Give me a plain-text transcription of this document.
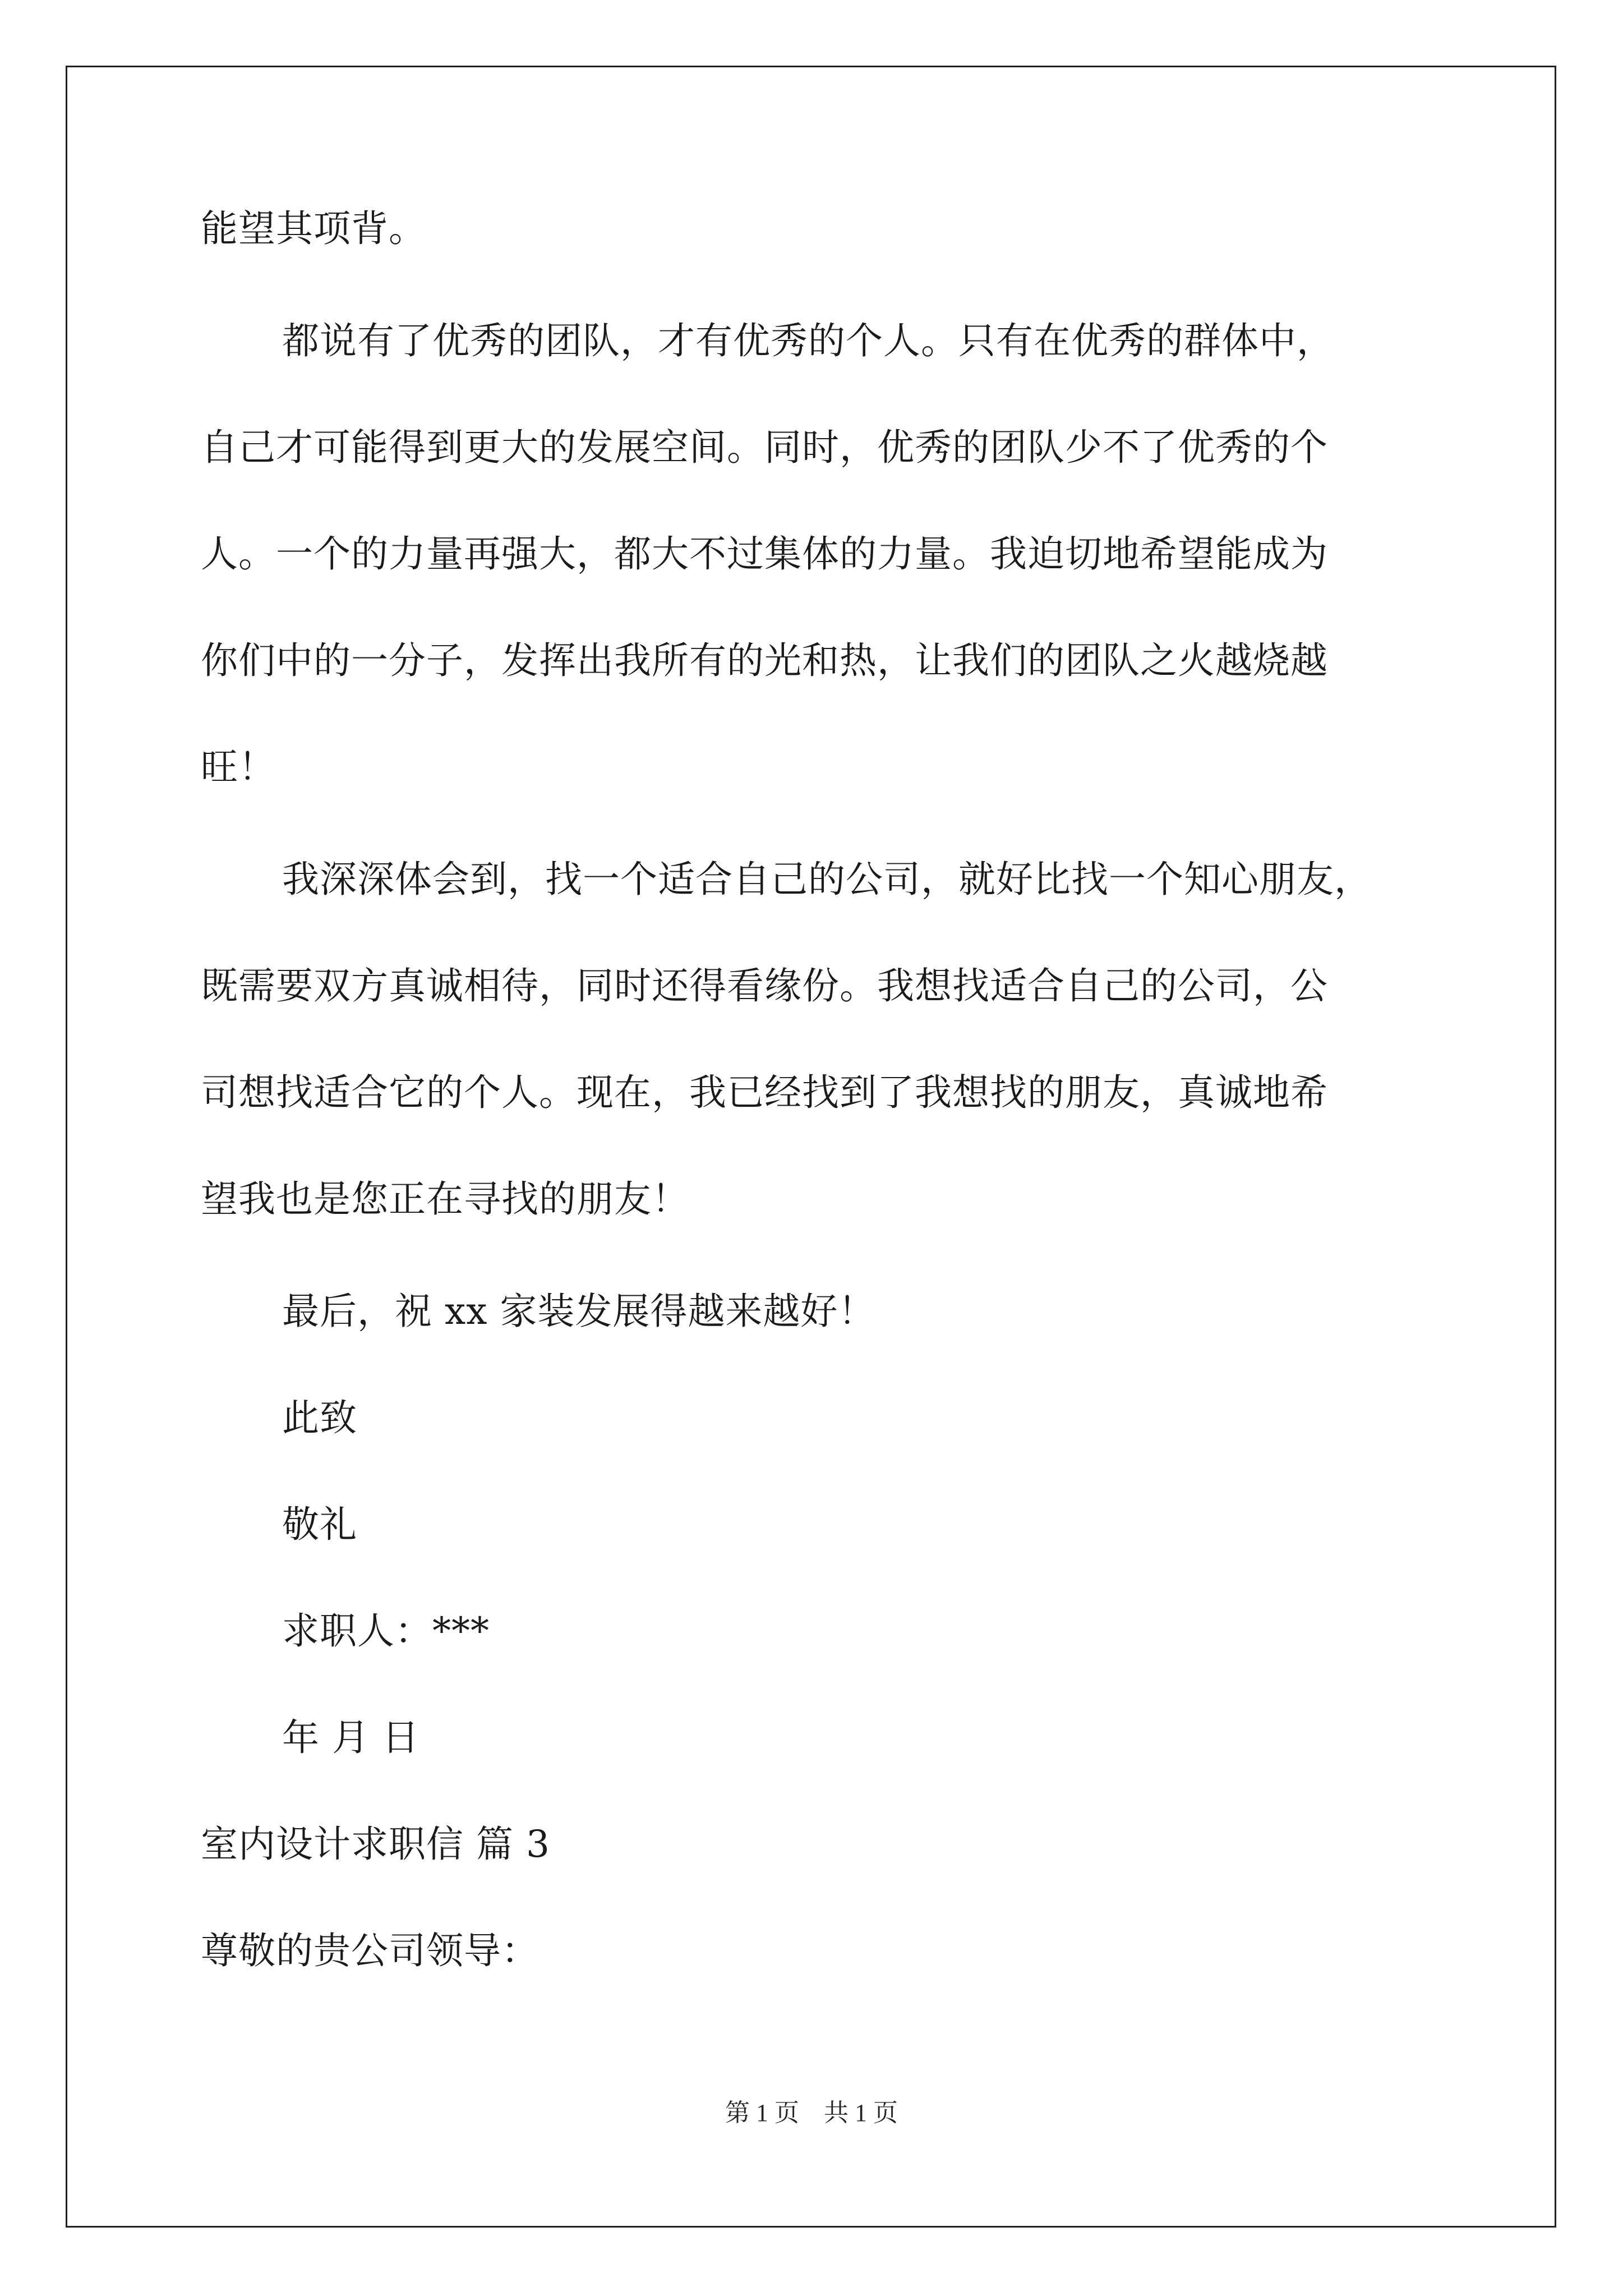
能望其项背。
都说有了优秀的团队，才有优秀的个人。只有在优秀的群体中，
自己才可能得到更大的发展空间。同时，优秀的团队少不了优秀的个
人。一个的力量再强大，都大不过集体的力量。我迫切地希望能成为
你们中的一分子，发挥出我所有的光和热，让我们的团队之火越烧越
旺！
我深深体会到，找一个适合自己的公司，就好比找一个知心朋友，
既需要双方真诚相待，同时还得看缘份。我想找适合自己的公司，公
司想找适合它的个人。现在，我已经找到了我想找的朋友，真诚地希
望我也是您正在寻找的朋友！
最后，祝 xx 家装发展得越来越好！
此致
敬礼
求职人：***
年 月 日
室内设计求职信 篇 3
尊敬的贵公司领导：
第 1 页 共 1 页
